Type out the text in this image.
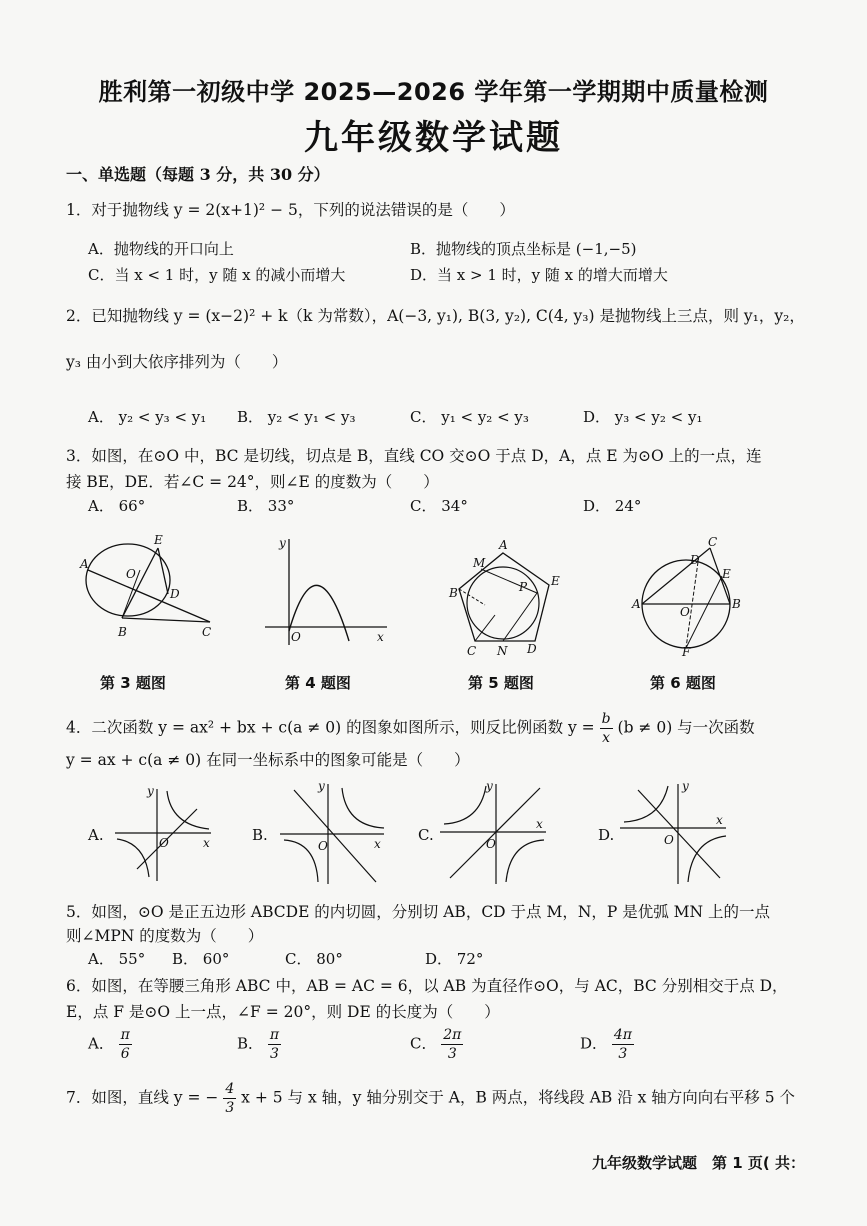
胜利第一初级中学 2025—2026 学年第一学期期中质量检测
九年级数学试题
一、单选题（每题 3 分，共 30 分）
1．对于抛物线 y = 2(x+1)² − 5，下列的说法错误的是（　　）
A．抛物线的开口向上	B．抛物线的顶点坐标是 (−1,−5)
C．当 x < 1 时，y 随 x 的减小而增大	D．当 x > 1 时，y 随 x 的增大而增大
2．已知抛物线 y = (x−2)² + k（k 为常数），A(−3, y₁), B(3, y₂), C(4, y₃) 是抛物线上三点，则 y₁，y₂，
y₃ 由小到大依序排列为（　　）
A． y₂ < y₃ < y₁ B． y₂ < y₁ < y₃	C． y₁ < y₂ < y₃	D． y₃ < y₂ < y₁
3．如图，在⊙O 中，BC 是切线，切点是 B，直线 CO 交⊙O 于点 D，A，点 E 为⊙O 上的一点，连
接 BE，DE．若∠C = 24°，则∠E 的度数为（　　）
A． 66°	B． 33°	C． 34°	D． 24°
A
E
O
D
B	C
y
O	x
A
M
E
P
B
C N D
D
C
E
A	B
O
F
第 3 题图	第 4 题图	第 5 题图	第 6 题图
4．二次函数 y = ax² + bx + c(a ≠ 0) 的图象如图所示，则反比例函数 $y = \frac{b}{x} (b \ne 0)$ 与一次函数
y = ax + c(a ≠ 0) 在同一坐标系中的图象可能是（　　）
A.
y
O	x	B.
y
O	x C.
y
O
x
D.
y
O
x
5．如图，⊙O 是正五边形 ABCDE 的内切圆，分别切 AB，CD 于点 M，N，P 是优弧 MN 上的一点
则∠MPN 的度数为（　　）
A． 55° B． 60°	C． 80°	D． 72°
6．如图，在等腰三角形 ABC 中，AB = AC = 6，以 AB 为直径作⊙O，与 AC，BC 分别相交于点 D，
E，点 F 是⊙O 上一点，∠F = 20°，则 DE 的长度为（　　）
A． $\frac{\pi}{6}$	B． $\frac{\pi}{3}$	C． $\frac{2\pi}{3}$	D． $\frac{4\pi}{3}$
7．如图，直线 y = − $\frac{4}{3}$ x + 5 与 x 轴，y 轴分别交于 A，B 两点，将线段 AB 沿 x 轴方向向右平移 5 个
九年级数学试题　第 1 页( 共：
